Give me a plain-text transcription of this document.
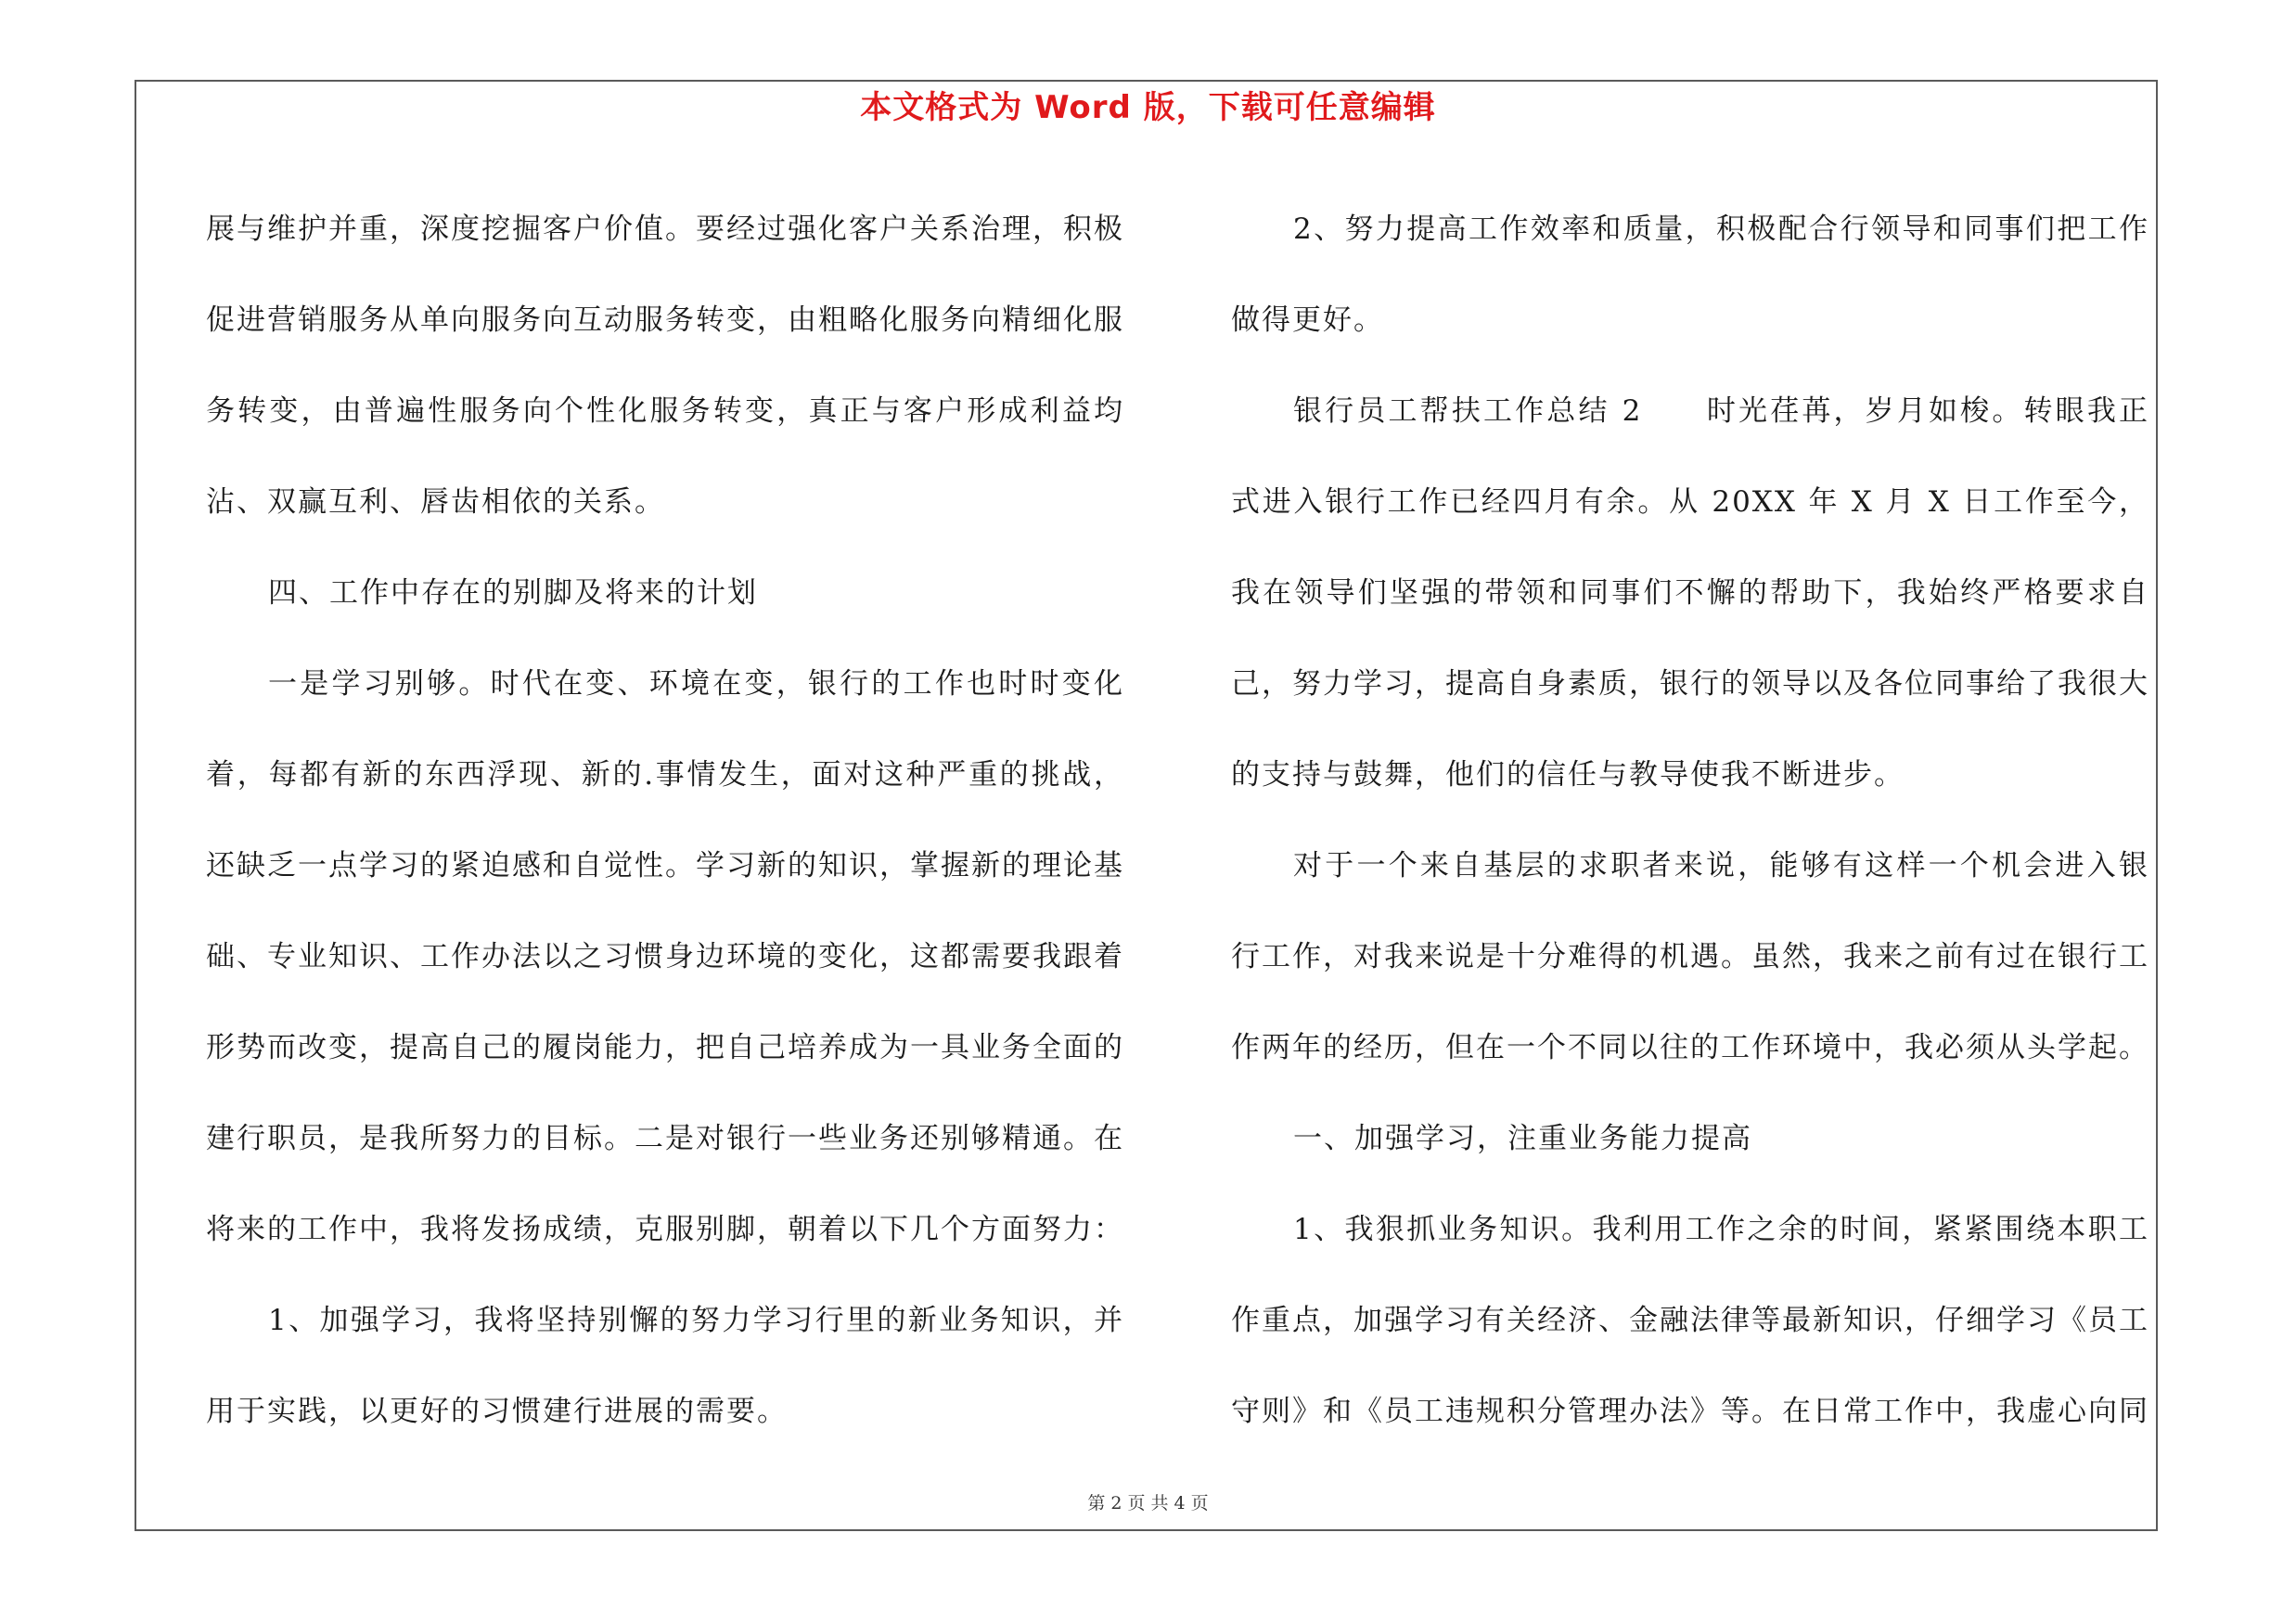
本文格式为 Word 版，下载可任意编辑

展与维护并重，深度挖掘客户价值。要经过强化客户关系治理，积极促进营销服务从单向服务向互动服务转变，由粗略化服务向精细化服务转变，由普遍性服务向个性化服务转变，真正与客户形成利益均沾、双赢互利、唇齿相依的关系。

四、工作中存在的别脚及将来的计划

一是学习别够。时代在变、环境在变，银行的工作也时时变化着，每都有新的东西浮现、新的.事情发生，面对这种严重的挑战，还缺乏一点学习的紧迫感和自觉性。学习新的知识，掌握新的理论基础、专业知识、工作办法以之习惯身边环境的变化，这都需要我跟着形势而改变，提高自己的履岗能力，把自己培养成为一具业务全面的建行职员，是我所努力的目标。二是对银行一些业务还别够精通。在将来的工作中，我将发扬成绩，克服别脚，朝着以下几个方面努力：

1、加强学习，我将坚持别懈的努力学习行里的新业务知识，并用于实践，以更好的习惯建行进展的需要。

2、努力提高工作效率和质量，积极配合行领导和同事们把工作做得更好。

银行员工帮扶工作总结 2　　时光荏苒，岁月如梭。转眼我正式进入银行工作已经四月有余。从 20XX 年 X 月 X 日工作至今，我在领导们坚强的带领和同事们不懈的帮助下，我始终严格要求自己，努力学习，提高自身素质，银行的领导以及各位同事给了我很大的支持与鼓舞，他们的信任与教导使我不断进步。

对于一个来自基层的求职者来说，能够有这样一个机会进入银行工作，对我来说是十分难得的机遇。虽然，我来之前有过在银行工作两年的经历，但在一个不同以往的工作环境中，我必须从头学起。

一、加强学习，注重业务能力提高

1、我狠抓业务知识。我利用工作之余的时间，紧紧围绕本职工作重点，加强学习有关经济、金融法律等最新知识，仔细学习《员工守则》和《员工违规积分管理办法》等。在日常工作中，我虚心向同

第 2 页 共 4 页
